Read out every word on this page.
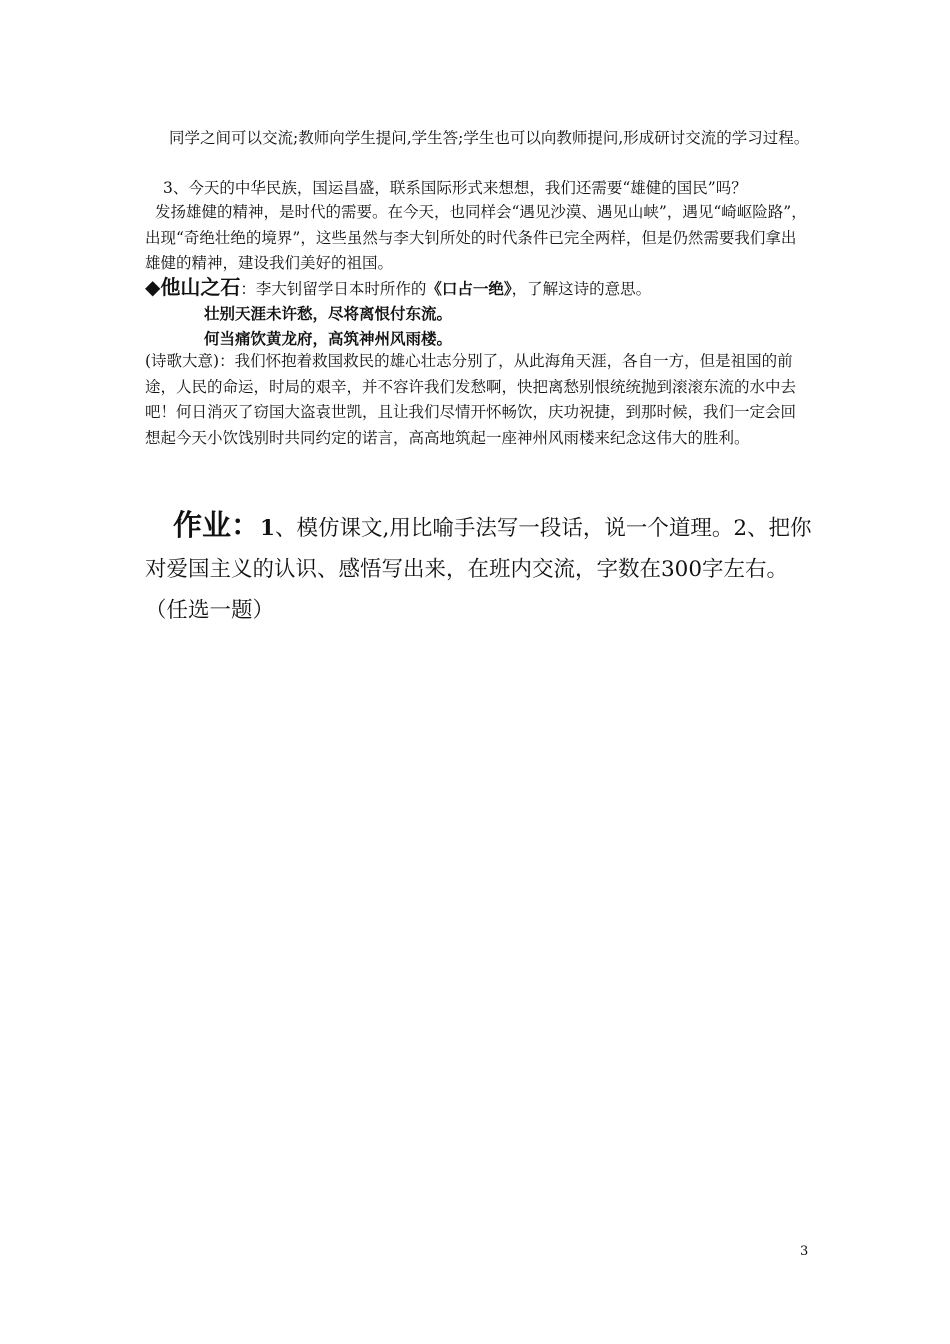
同学之间可以交流;教师向学生提问,学生答;学生也可以向教师提问,形成研讨交流的学习过程。

3、今天的中华民族，国运昌盛，联系国际形式来想想，我们还需要“雄健的国民”吗？

发扬雄健的精神，是时代的需要。在今天，也同样会“遇见沙漠、遇见山峡”，遇见“崎岖险路”，出现“奇绝壮绝的境界”，这些虽然与李大钊所处的时代条件已完全两样，但是仍然需要我们拿出雄健的精神，建设我们美好的祖国。

◆他山之石：李大钊留学日本时所作的《口占一绝》，了解这诗的意思。

壮别天涯未许愁，尽将离恨付东流。
何当痛饮黄龙府，高筑神州风雨楼。

(诗歌大意)：我们怀抱着救国救民的雄心壮志分别了，从此海角天涯，各自一方，但是祖国的前途，人民的命运，时局的艰辛，并不容许我们发愁啊，快把离愁别恨统统抛到滚滚东流的水中去吧！何日消灭了窃国大盗袁世凯，且让我们尽情开怀畅饮，庆功祝捷，到那时候，我们一定会回想起今天小饮饯别时共同约定的诺言，高高地筑起一座神州风雨楼来纪念这伟大的胜利。

作业：1、模仿课文,用比喻手法写一段话，说一个道理。2、把你对爱国主义的认识、感悟写出来，在班内交流，字数在300字左右。（任选一题）

3
